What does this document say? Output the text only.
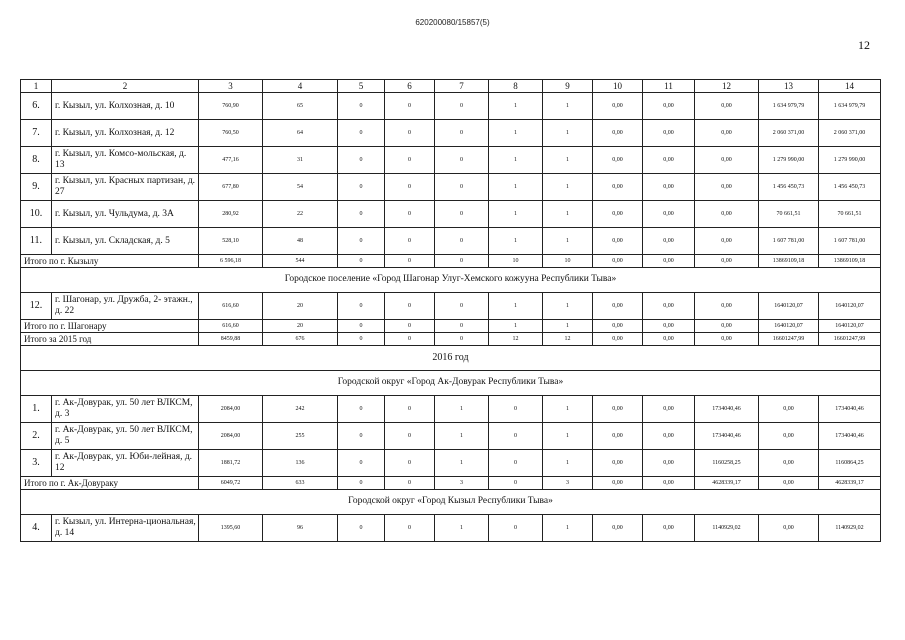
620200080/15857(5)
12
1	2	3	4	5	6	7	8	9	10	11	12	13	14
6.	г. Кызыл, ул. Колхозная, д. 10	760,90	65	0	0	0	1	1	0,00	0,00	0,00	1 634 979,79	1 634 979,79
7.	г. Кызыл, ул. Колхозная, д. 12	760,50	64	0	0	0	1	1	0,00	0,00	0,00	2 060 371,00	2 060 371,00
8.	г. Кызыл, ул. Комсо-мольская, д. 13	477,16	31	0	0	0	1	1	0,00	0,00	0,00	1 279 990,00	1 279 990,00
9.	г. Кызыл, ул. Красных партизан, д. 27	677,80	54	0	0	0	1	1	0,00	0,00	0,00	1 456 450,73	1 456 450,73
10.	г. Кызыл, ул. Чульдума, д. 3А	280,92	22	0	0	0	1	1	0,00	0,00	0,00	70 661,51	70 661,51
11.	г. Кызыл, ул. Складская, д. 5	528,10	48	0	0	0	1	1	0,00	0,00	0,00	1 607 781,00	1 607 781,00
Итого по г. Кызылу		6 596,18	544	0	0	0	10	10	0,00	0,00	0,00	13869109,18	13869109,18
Городское поселение «Город Шагонар Улуг-Хемского кожууна Республики Тыва»													
12.	г. Шагонар, ул. Дружба, 2- этажн., д. 22	616,60	20	0	0	0	1	1	0,00	0,00	0,00	1640120,07	1640120,07
Итого по г. Шагонару		616,60	20	0	0	0	1	1	0,00	0,00	0,00	1640120,07	1640120,07
Итого за 2015 год		8459,88	676	0	0	0	12	12	0,00	0,00	0,00	16601247,99	16601247,99
2016 год													
Городской округ «Город Ак-Довурак Республики Тыва»													
1.	г. Ак-Довурак, ул. 50 лет ВЛКСМ, д. 3	2084,00	242	0	0	1	0	1	0,00	0,00	1734040,46	0,00	1734040,46
2.	г. Ак-Довурак, ул. 50 лет ВЛКСМ, д. 5	2084,00	255	0	0	1	0	1	0,00	0,00	1734040,46	0,00	1734040,46
3.	г. Ак-Довурак, ул. Юби-лейная, д. 12	1881,72	136	0	0	1	0	1	0,00	0,00	1160258,25	0,00	1160864,25
Итого по г. Ак-Довураку		6049,72	633	0	0	3	0	3	0,00	0,00	4628339,17	0,00	4628339,17
Городской округ «Город Кызыл Республики Тыва»													
4.	г. Кызыл, ул. Интерна-циональная, д. 14	1395,60	96	0	0	1	0	1	0,00	0,00	1140929,02	0,00	1140929,02
